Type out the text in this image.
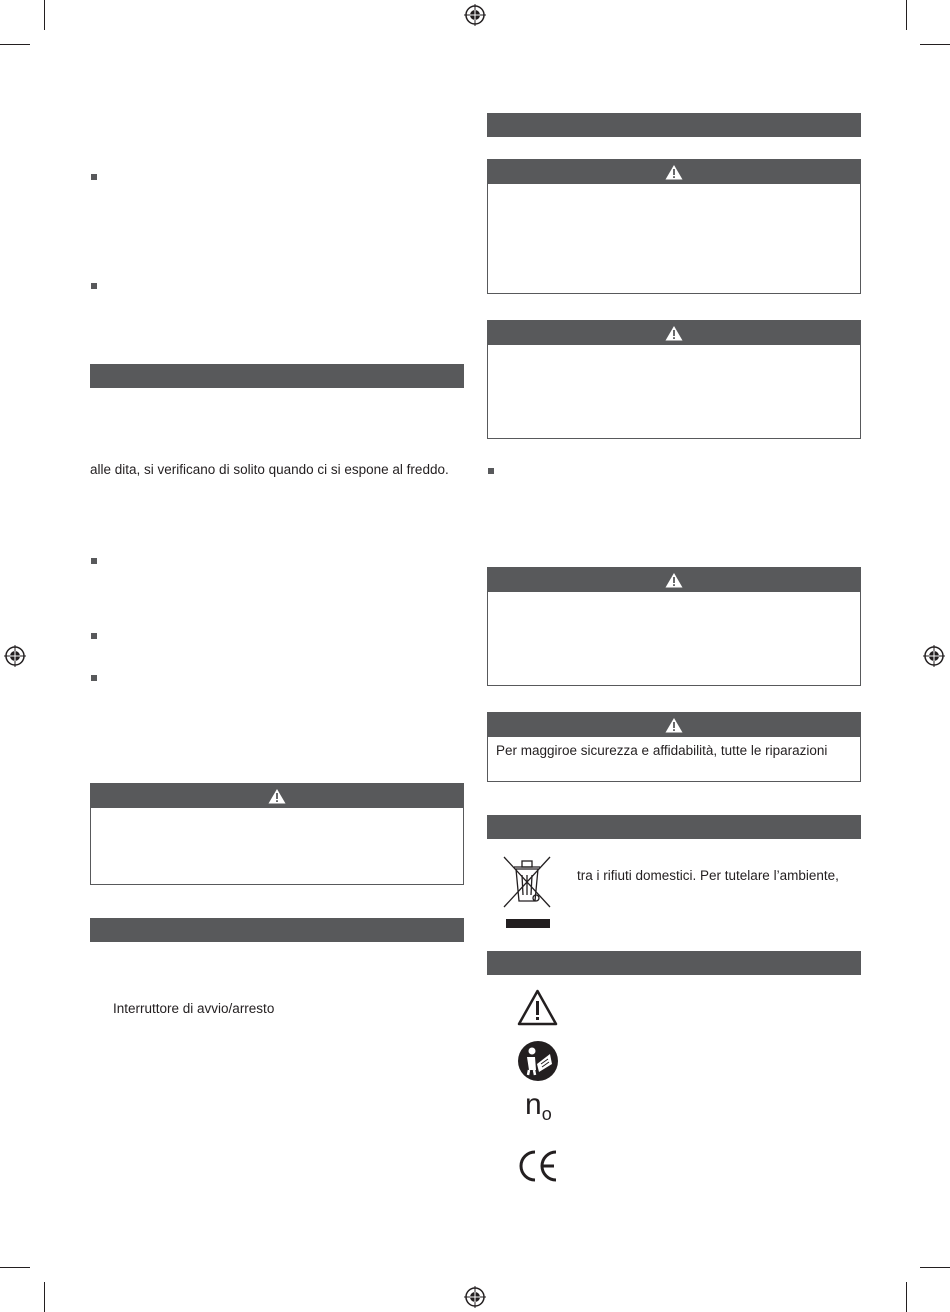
alle dita, si verificano di solito quando ci si espone al freddo.
Interruttore di avvio/arresto
Per maggiroe sicurezza e affidabilità, tutte le riparazioni
tra i rifiuti domestici. Per tutelare l’ambiente,
no
